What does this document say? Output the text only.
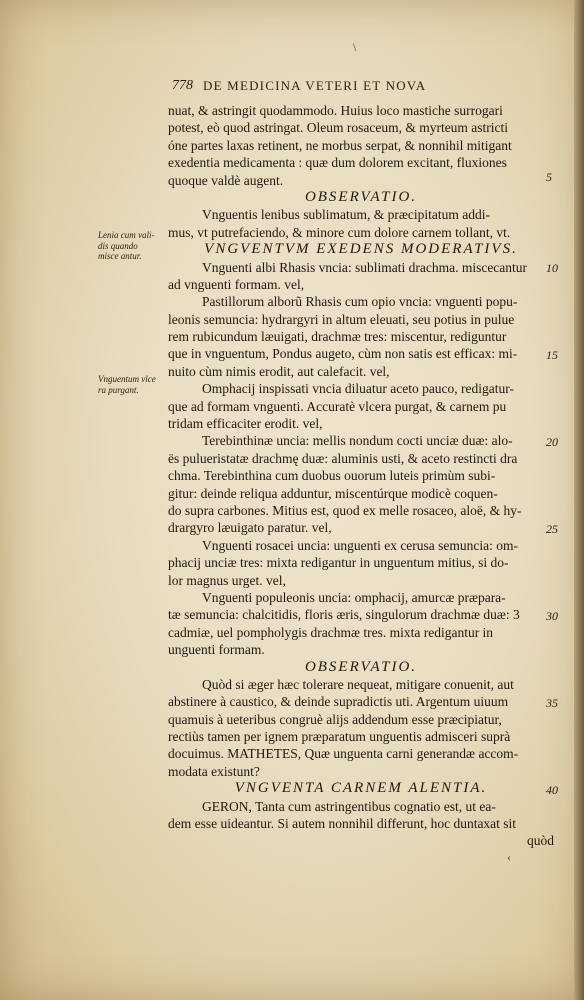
\
778 DE MEDICINA VETERI ET NOVA
Lenia cum vali- dis quando misce antur.
Vnguentum vlce ra purgant.
nuat, & astringit quodammodo. Huius loco mastiche surrogari
potest, eò quod astringat. Oleum rosaceum, & myrteum astricti
óne partes laxas retinent, ne morbus serpat, & nonnihil mitigant
exedentia medicamenta : quæ dum dolorem excitant, fluxiones
quoque valdè augent.
OBSERVATIO.
Vnguentis lenibus sublimatum, & præcipitatum addi-
mus, vt putrefaciendo, & minore cum dolore carnem tollant, vt.
VNGVENTVM EXEDENS MODERATIVS.
Vnguenti albi Rhasis vncia: sublimati drachma. miscecantur
ad vnguenti formam. vel,
Pastillorum alborũ Rhasis cum opio vncia: vnguenti popu-
leonis semuncia: hydrargyri in altum eleuati, seu potius in pulue
rem rubicundum læuigati, drachmæ tres: miscentur, rediguntur
que in vnguentum, Pondus augeto, cùm non satis est efficax: mi-
nuito cùm nimis erodit, aut calefacit. vel,
Omphacij inspissati vncia diluatur aceto pauco, redigatur-
que ad formam vnguenti. Accuratè vlcera purgat, & carnem pu
tridam efficaciter erodit. vel,
Terebinthinæ uncia: mellis nondum cocti unciæ duæ: alo-
ës pulueristatæ drachmę duæ: aluminis usti, & aceto restincti dra
chma. Terebinthina cum duobus ouorum luteis primùm subi-
gitur: deinde reliqua adduntur, miscentúrque modicè coquen-
do supra carbones. Mitius est, quod ex melle rosaceo, aloë, & hy-
drargyro læuigato paratur. vel,
Vnguenti rosacei uncia: unguenti ex cerusa semuncia: om-
phacij unciæ tres: mixta redigantur in unguentum mitius, si do-
lor magnus urget. vel,
Vnguenti populeonis uncia: omphacij, amurcæ præpara-
tæ semuncia: chalcitidis, floris æris, singulorum drachmæ duæ: 3
cadmiæ, uel pompholygis drachmæ tres. mixta redigantur in
unguenti formam.
OBSERVATIO.
Quòd si æger hæc tolerare nequeat, mitigare conuenit, aut
abstinere à caustico, & deinde supradictis uti. Argentum uiuum
quamuis à ueteribus congruè alijs addendum esse præcipiatur,
rectiùs tamen per ignem præparatum unguentis admisceri suprà
docuimus. MATHETES, Quæ unguenta carni generandæ accom-
modata existunt?
VNGVENTA CARNEM ALENTIA.
GERON, Tanta cum astringentibus cognatio est, ut ea-
dem esse uideantur. Si autem nonnihil differunt, hoc duntaxat sit
quòd
5
10
15
20
25
30
35
40
‹
